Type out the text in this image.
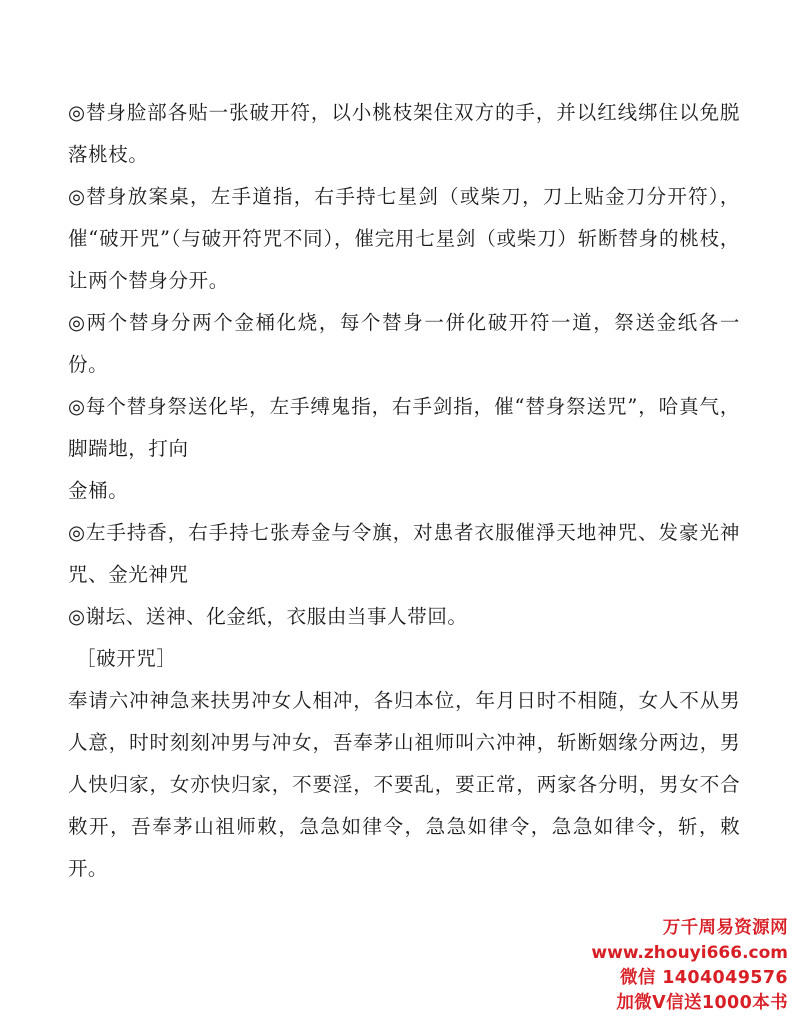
◎替身脸部各贴一张破开符，以小桃枝架住双方的手，并以红线绑住以免脱落桃枝。

◎替身放案桌，左手道指，右手持七星剑（或柴刀，刀上贴金刀分开符），催“破开咒”（与破开符咒不同），催完用七星剑（或柴刀）斩断替身的桃枝，让两个替身分开。

◎两个替身分两个金桶化烧，每个替身一併化破开符一道，祭送金纸各一份。

◎每个替身祭送化毕，左手缚鬼指，右手剑指，催“替身祭送咒”，哈真气，脚踹地，打向

金桶。

◎左手持香，右手持七张寿金与令旗，对患者衣服催淨天地神咒、发豪光神咒、金光神咒

◎谢坛、送神、化金纸，衣服由当事人带回。

［破开咒］

奉请六冲神急来扶男冲女人相冲，各归本位，年月日时不相随，女人不从男人意，时时刻刻冲男与冲女，吾奉茅山祖师叫六冲神，斩断姻缘分两边，男人快归家，女亦快归家，不要淫，不要乱，要正常，两家各分明，男女不合敕开，吾奉茅山祖师敕，急急如律令，急急如律令，急急如律令，斩，敕开。

万千周易资源网
www.zhouyi666.com
微信 1404049576
加微V信送1000本书
